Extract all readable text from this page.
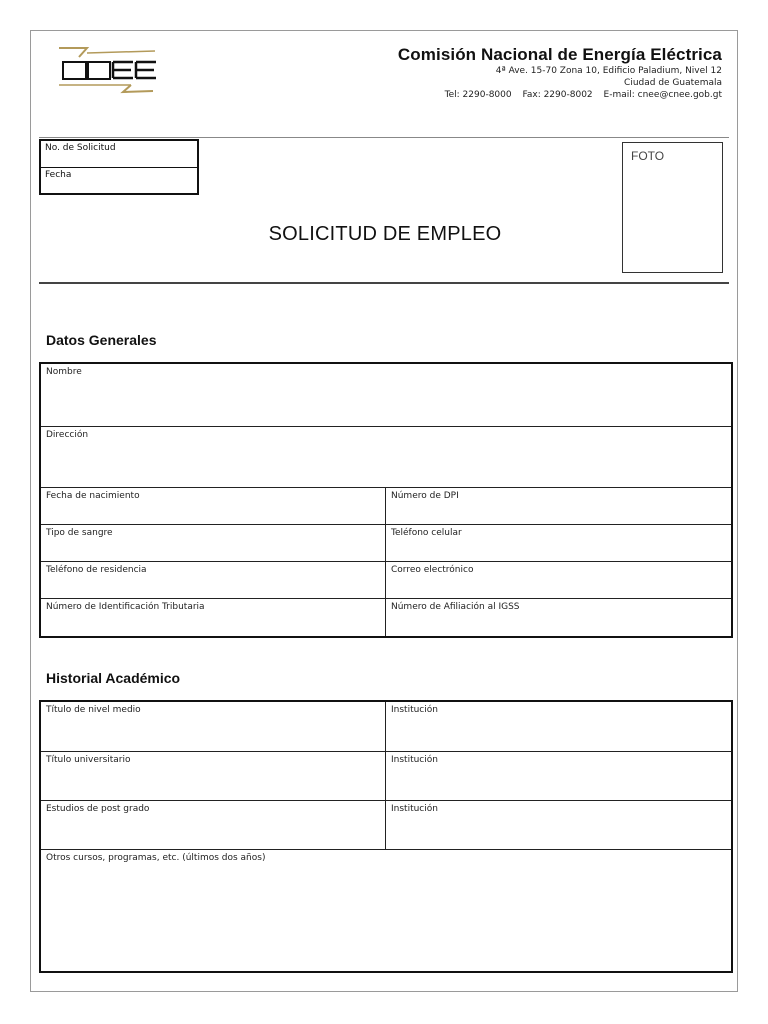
Comisión Nacional de Energía Eléctrica
4ª Ave. 15-70 Zona 10, Edificio Paladium, Nivel 12
Ciudad de Guatemala
Tel: 2290-8000 Fax: 2290-8002 E-mail: cnee@cnee.gob.gt
No. de Solicitud
Fecha
FOTO
SOLICITUD DE EMPLEO
Datos Generales
Nombre
Dirección
Fecha de nacimiento	Número de DPI
Tipo de sangre	Teléfono celular
Teléfono de residencia	Correo electrónico
Número de Identificación Tributaria	Número de Afiliación al IGSS
Historial Académico
Título de nivel medio	Institución
Título universitario	Institución
Estudios de post grado	Institución
Otros cursos, programas, etc. (últimos dos años)
